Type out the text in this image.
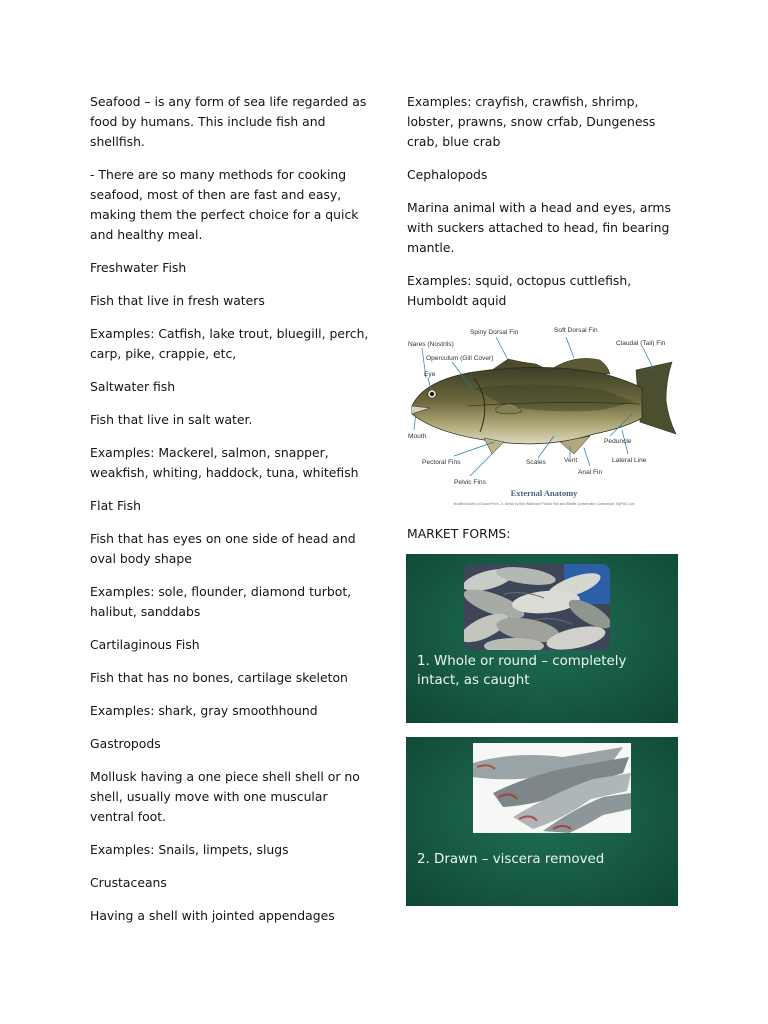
Seafood – is any form of sea life regarded as food by humans. This include fish and shellfish.

- There are so many methods for cooking seafood, most of then are fast and easy, making them the perfect choice for a quick and healthy meal.

Freshwater Fish

Fish that live in fresh waters

Examples: Catfish, lake trout, bluegill, perch, carp, pike, crappie, etc,

Saltwater fish

Fish that live in salt water.

Examples: Mackerel, salmon, snapper, weakfish, whiting, haddock, tuna, whitefish

Flat Fish

Fish that has eyes on one side of head and oval body shape

Examples: sole, flounder, diamond turbot, halibut, sanddabs

Cartilaginous Fish

Fish that has no bones, cartilage skeleton

Examples: shark, gray smoothhound

Gastropods

Mollusk having a one piece shell shell or no shell, usually move with one muscular ventral foot.

Examples: Snails, limpets, slugs

Crustaceans

Having a shell with jointed appendages

Examples: crayfish, crawfish, shrimp, lobster, prawns, snow crfab, Dungeness crab, blue crab

Cephalopods

Marina animal with a head and eyes, arms with suckers attached to head, fin bearing mantle.

Examples: squid, octopus cuttlefish, Humboldt aquid

Spiny Dorsal Fin	Soft Dorsal Fin
Nares (Nostrils)	Claudal (Tail) Fin
Operculum (Gill Cover)
Eye
Mouth
Peduncle
Pectoral Fins	Scales	Vent	Lateral Line
Anal Fin
Pelvic Fins
External Anatomy
Modified based on Susan Perrin, Jr. sketch by Bob Wattendorf Florida Fish and Wildlife Conservation Commission, MyFWC.com
MARKET FORMS:
1. Whole or round – completely intact, as caught
2. Drawn – viscera removed
